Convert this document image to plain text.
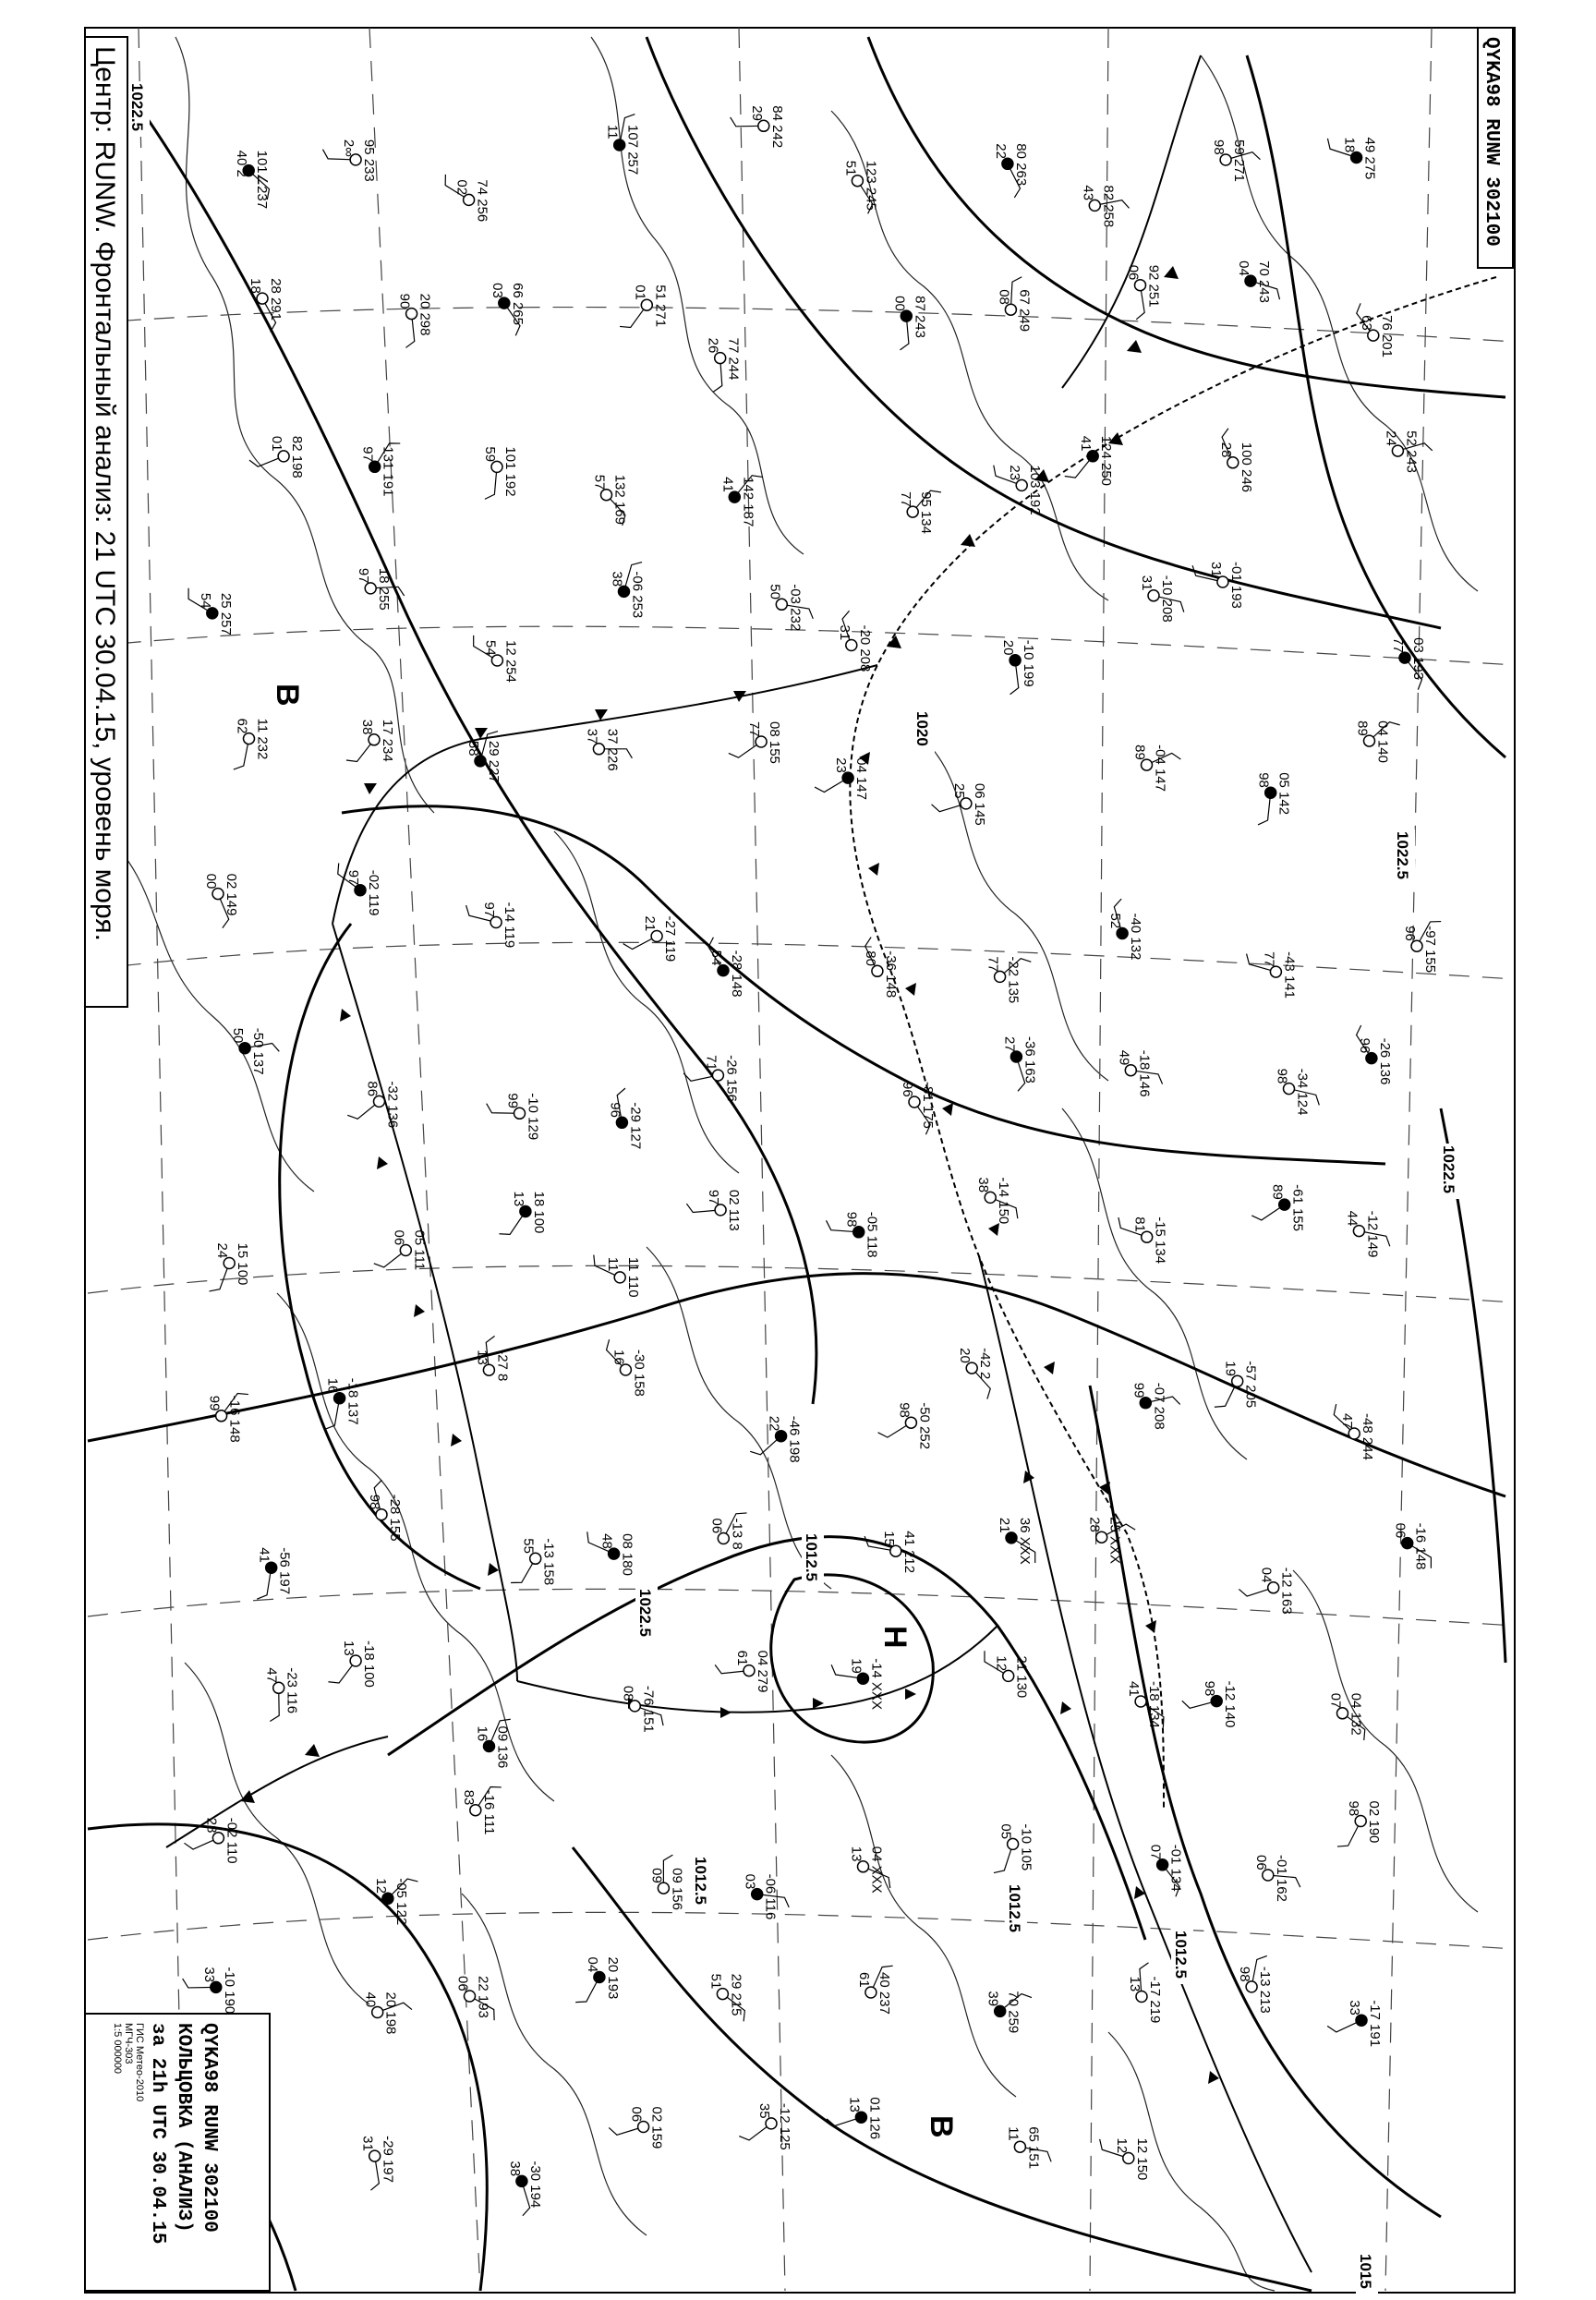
101∠237
40 2	95 233
2∞
74 256
02
107 257
11	84 242
29
123 245
51	80 263
22
82 258
43
59 271
98	49 275
18
28 291
18
20 298
90	66 265
03	51 271
01
77 244
26
87 243
00	67 249
08	92 251
06	70 243
04
76 201
63
82 198
01
131 191
97	101 192
59
132 169
57	142 187
41
95 134
77	103 192
23	124 250
41	100 246
28	52 243
24
25 257
54	18 255
97
12 254
54
-06 253
38
-03 232
50
-20 208
31
-10 199
20
-10 208
31	-01 193
31
03 193
77
11 232
62	17 234
38
29 227
58	37 226
37	08 155
77
04 147
23
06 145
25	-04 147
89
05 142
98
04 140
89
02 149
00	-02 119
97
-14 119
97
-27 119
21
-28 148
54	-36 148
80	-22 135
77
-40 132
52
-43 141
77	-97 155
96
-50 137
50
-32 136
86
-10 129
99
-29 127
96
-26 156
71
-81 175
96
-36 163
27
-18 146
49
-34 124
98	-26 136
96
15 100
24	05 111
06
18 100
13
11 110
11
02 113
97
-05 118
98	-14 150
38
-15 134
81	-61 155
89
-12 149
44
-16 148
99	-18 137
16
-27 8
13	-30 158
16
-46 198
22	-50 252
98
-42 2
20
-07 208
99	-57 205
19
-48 244
47
-56 197
41
-28 155
98
-13 158
55	08 180
48	-13 8
06
41 212
15	36 XXX
21	25 XXX
28
-12 163
04
-16 148
06
-23 116
47	-18 100
13
09 136
16
-76 151
08
04 279
61
-14 XXX
19	21 130
12
-18 134
41	-12 140
98
04 132
07
-02 110
28
-05 122
12
-16 111
83
09 156
09	-06 116
03	04 XXX
13	-10 105
05
-01 134
07
-01 162
06
02 190
98
-10 190
33
20 198
40	22 193
06	20 193
04
29 215
51	40 237
61
70 259
39	-17 219
13	-13 213
98
-17 191
33
-29 197
31
-30 194
38
02 159
06	-12 125
35	01 126
13
65 151
11
12 150
12
1022.5
1022.5
1020
1022.5
1012.5
1012.5
1012.5
1015
1012.5
1022.5
В
В
Н
Центр: RUNW. Фронтальный анализ: 21 UTC 30.04.15, уровень моря.	QYKA98 RUNW 302100
QYKA98 RUNW 302100
КОЛЬЦОВКА (АНАЛИЗ)
за 21h UTC 30.04.15
ГИС Метео-2010
МГЧ-303
1:5 000000
